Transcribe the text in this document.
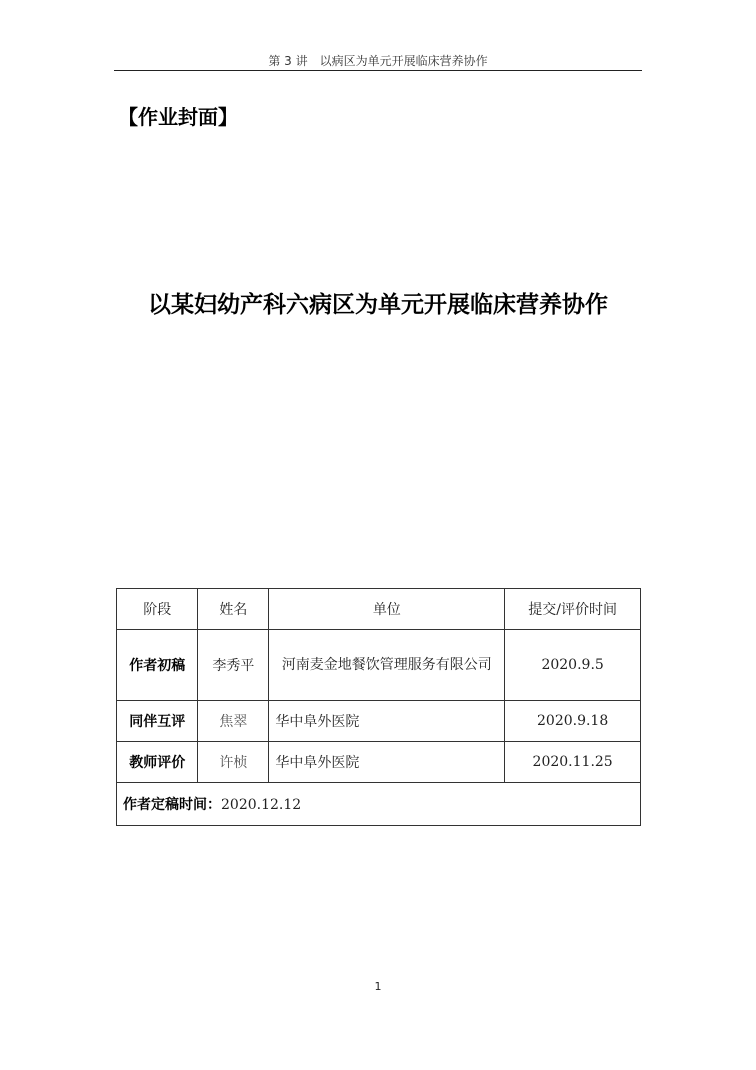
第 3 讲　以病区为单元开展临床营养协作
【作业封面】
以某妇幼产科六病区为单元开展临床营养协作
阶段	姓名	单位	提交/评价时间
作者初稿	李秀平	河南麦金地餐饮管理服务有限公司	2020.9.5
同伴互评	焦翠	华中阜外医院	2020.9.18
教师评价	许桢	华中阜外医院	2020.11.25
作者定稿时间：2020.12.12			
1
